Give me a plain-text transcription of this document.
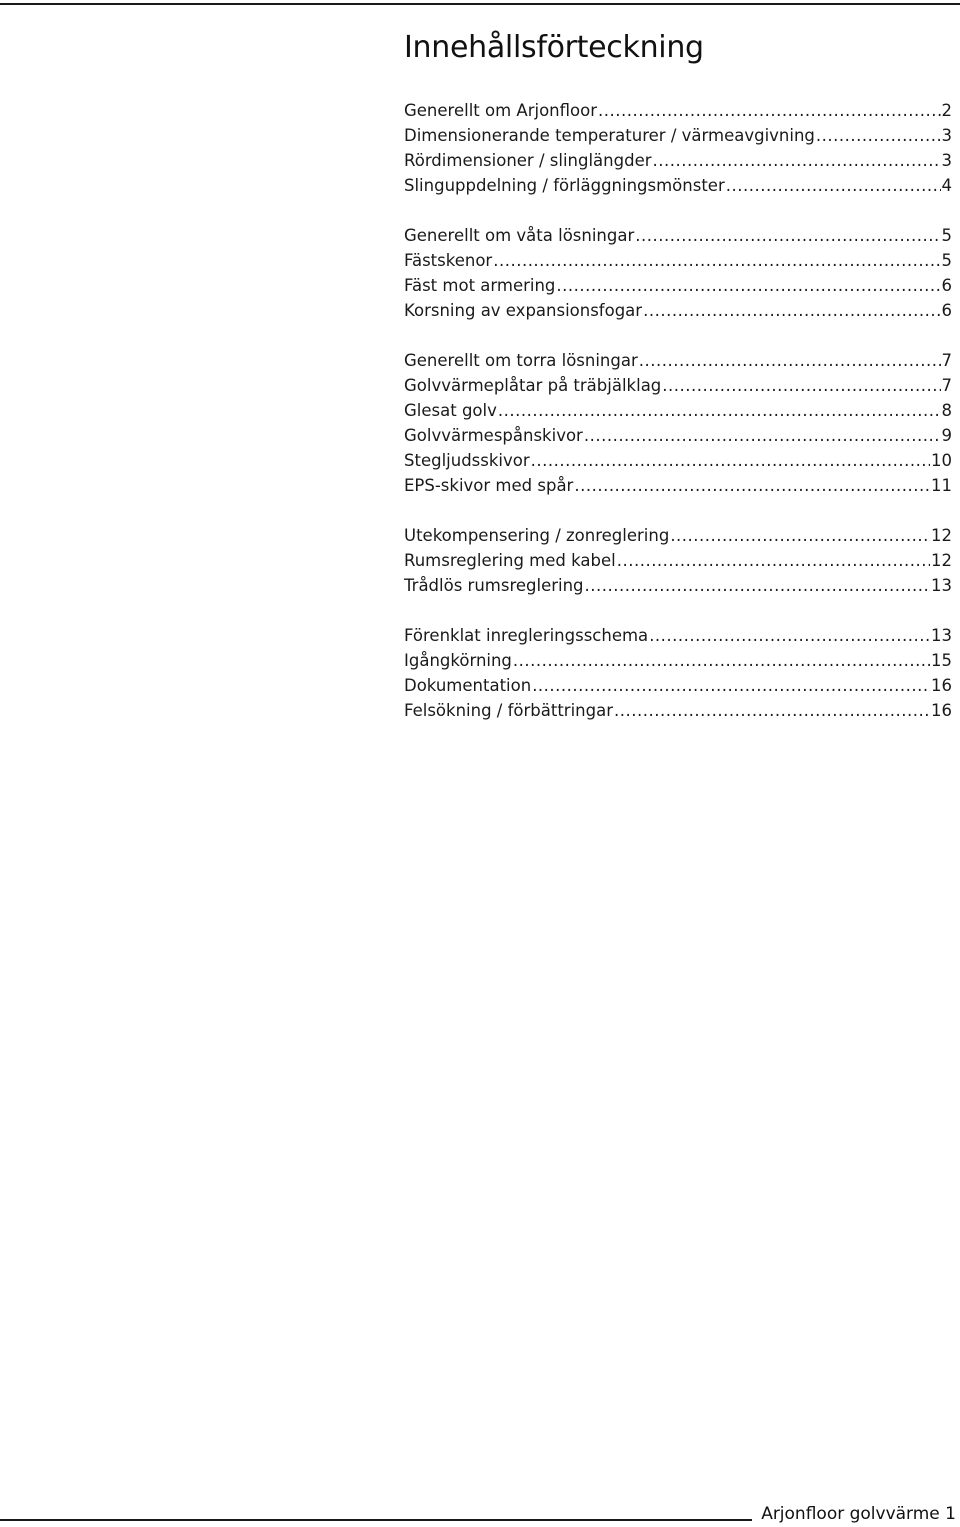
Innehållsförteckning
Generellt om Arjonfloor .....	2
Dimensionerande temperaturer / värmeavgivning .....	3
Rördimensioner / slinglängder .....	3
Slinguppdelning / förläggningsmönster .....	4
Generellt om våta lösningar .....	5
Fästskenor .....	5
Fäst mot armering .....	6
Korsning av expansionsfogar .....	6
Generellt om torra lösningar .....	7
Golvvärmeplåtar på träbjälklag .....	7
Glesat golv .....	8
Golvvärmespånskivor .....	9
Stegljudsskivor .....	10
EPS-skivor med spår .....	11
Utekompensering / zonreglering .....	12
Rumsreglering med kabel .....	12
Trådlös rumsreglering .....	13
Förenklat inregleringsschema .....	13
Igångkörning .....	15
Dokumentation .....	16
Felsökning / förbättringar .....	16
Arjonfloor golvvärme 1
